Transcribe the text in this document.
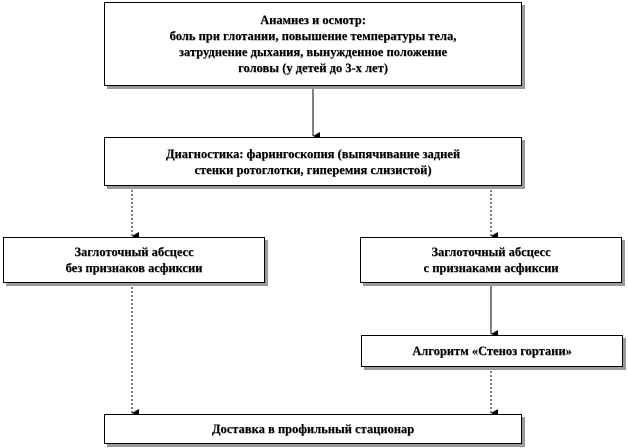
Анамнез и осмотр:
боль при глотании, повышение температуры тела,
затруднение дыхания, вынужденное положение
головы (у детей до 3-х лет)
Диагностика: фарингоскопия (выпячивание задней
стенки ротоглотки, гиперемия слизистой)
Заглоточный абсцесс
без признаков асфиксии
Заглоточный абсцесс
с признаками асфиксии
Алгоритм «Стеноз гортани»
Доставка в профильный стационар
